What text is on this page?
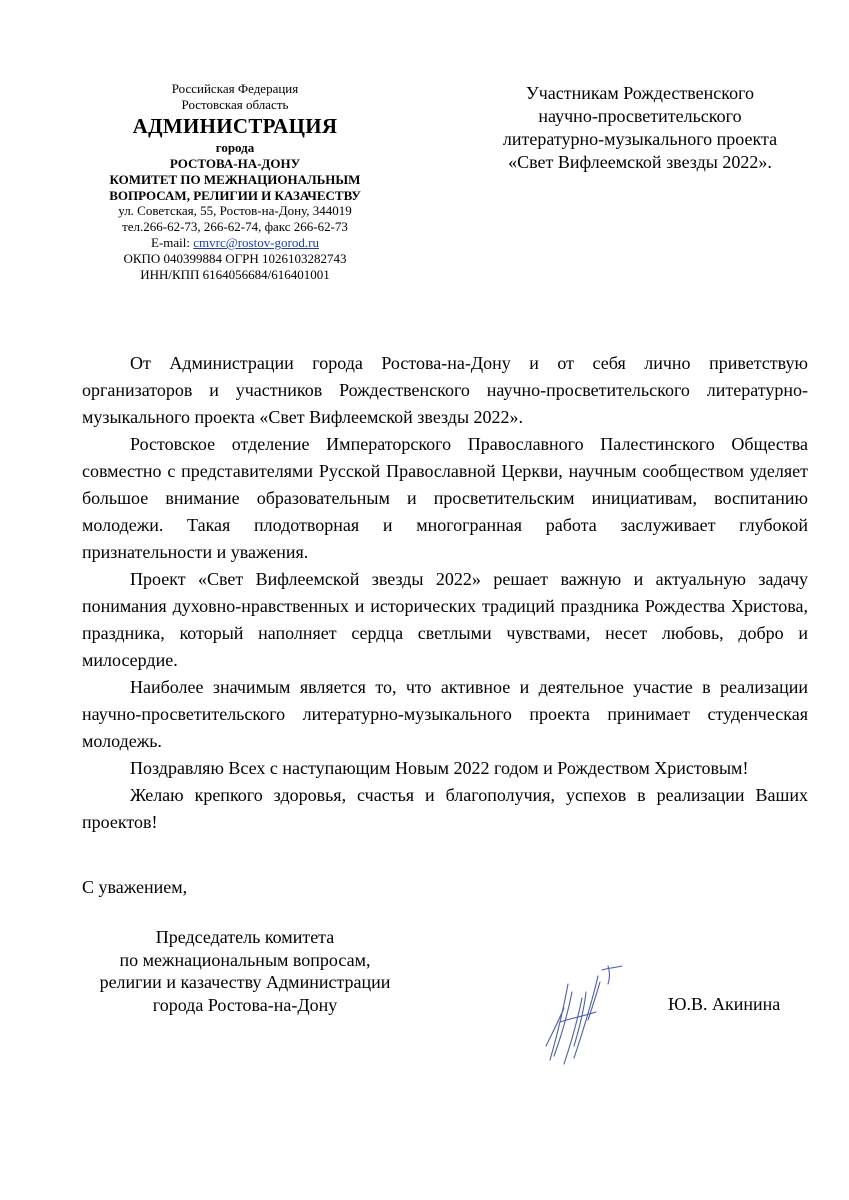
Российская Федерация
Ростовская область
АДМИНИСТРАЦИЯ
города
РОСТОВА-НА-ДОНУ
КОМИТЕТ ПО МЕЖНАЦИОНАЛЬНЫМ
ВОПРОСАМ, РЕЛИГИИ И КАЗАЧЕСТВУ
ул. Советская, 55, Ростов-на-Дону, 344019
тел.266-62-73, 266-62-74, факс 266-62-73
E-mail: cmvrc@rostov-gorod.ru
ОКПО 040399884 ОГРН 1026103282743
ИНН/КПП 6164056684/616401001
Участникам Рождественского
научно-просветительского
литературно-музыкального проекта
«Свет Вифлеемской звезды 2022».

От Администрации города Ростова-на-Дону и от себя лично приветствую организаторов и участников Рождественского научно-просветительского литературно-музыкального проекта «Свет Вифлеемской звезды 2022».

Ростовское отделение Императорского Православного Палестинского Общества совместно с представителями Русской Православной Церкви, научным сообществом уделяет большое внимание образовательным и просветительским инициативам, воспитанию молодежи. Такая плодотворная и многогранная работа заслуживает глубокой признательности и уважения.

Проект «Свет Вифлеемской звезды 2022» решает важную и актуальную задачу понимания духовно-нравственных и исторических традиций праздника Рождества Христова, праздника, который наполняет сердца светлыми чувствами, несет любовь, добро и милосердие.

Наиболее значимым является то, что активное и деятельное участие в реализации научно-просветительского литературно-музыкального проекта принимает студенческая молодежь.

Поздравляю Всех с наступающим Новым 2022 годом и Рождеством Христовым!

Желаю крепкого здоровья, счастья и благополучия, успехов в реализации Ваших проектов!

С уважением,
Председатель комитета
по межнациональным вопросам,
религии и казачеству Администрации
города Ростова-на-Дону	Ю.В. Акинина
